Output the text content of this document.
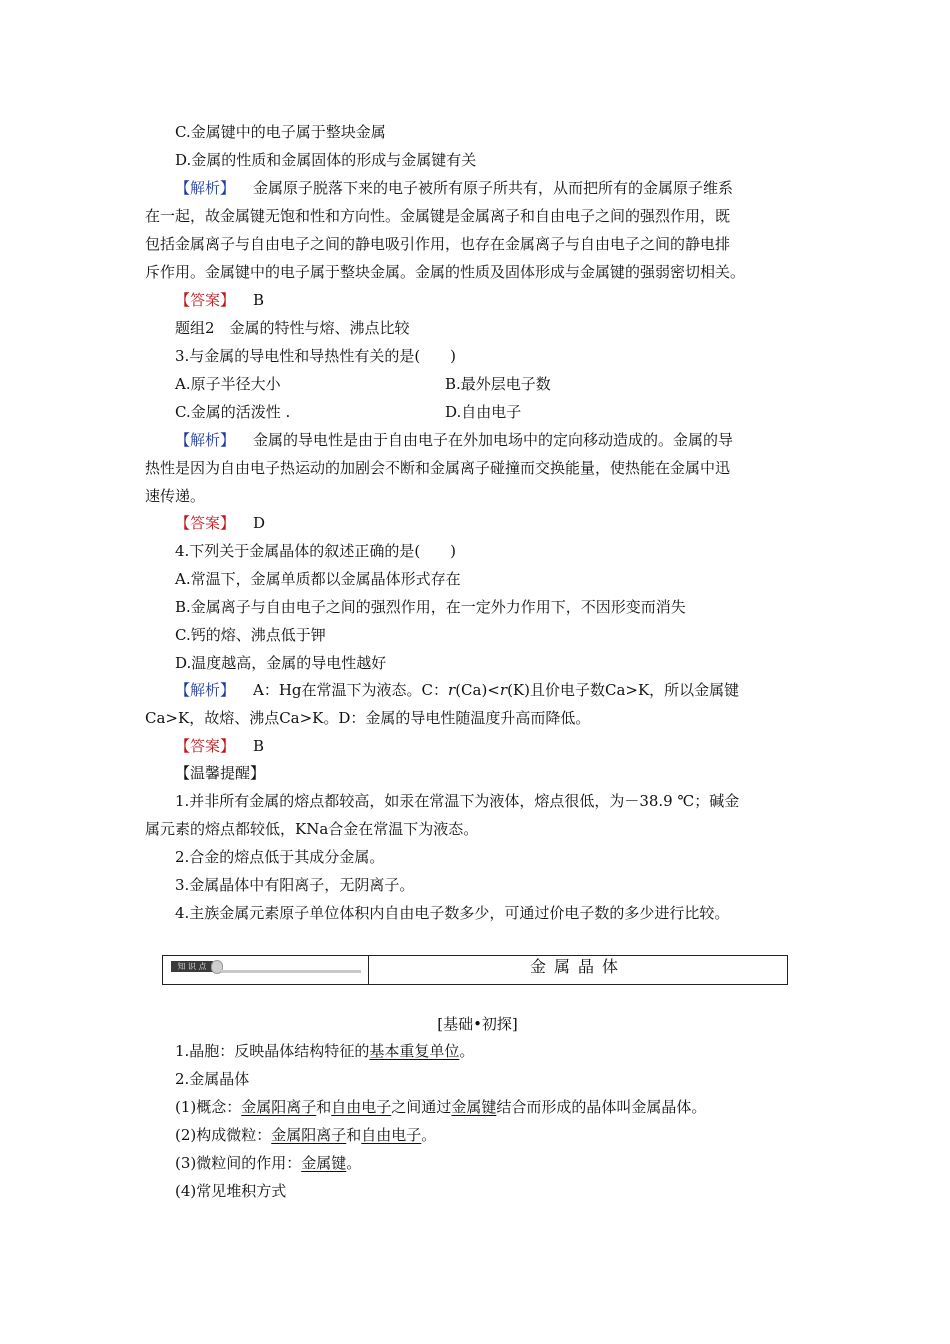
C.金属键中的电子属于整块金属
D.金属的性质和金属固体的形成与金属键有关
【解析】 金属原子脱落下来的电子被所有原子所共有，从而把所有的金属原子维系
在一起，故金属键无饱和性和方向性。金属键是金属离子和自由电子之间的强烈作用，既
包括金属离子与自由电子之间的静电吸引作用，也存在金属离子与自由电子之间的静电排
斥作用。金属键中的电子属于整块金属。金属的性质及固体形成与金属键的强弱密切相关。
【答案】 B
题组2　金属的特性与熔、沸点比较
3.与金属的导电性和导热性有关的是(　　)
A.原子半径大小	B.最外层电子数
C.金属的活泼性 .	D.自由电子
【解析】 金属的导电性是由于自由电子在外加电场中的定向移动造成的。金属的导
热性是因为自由电子热运动的加剧会不断和金属离子碰撞而交换能量，使热能在金属中迅
速传递。
【答案】 D
4.下列关于金属晶体的叙述正确的是(　　)
A.常温下，金属单质都以金属晶体形式存在
B.金属离子与自由电子之间的强烈作用，在一定外力作用下，不因形变而消失
C.钙的熔、沸点低于钾
D.温度越高，金属的导电性越好
【解析】 A：Hg在常温下为液态。C：r(Ca)<r(K)且价电子数Ca>K，所以金属键
Ca>K，故熔、沸点Ca>K。D：金属的导电性随温度升高而降低。
【答案】 B
【温馨提醒】
1.并非所有金属的熔点都较高，如汞在常温下为液体，熔点很低，为－38.9 ℃；碱金
属元素的熔点都较低，KNa合金在常温下为液态。
2.合金的熔点低于其成分金属。
3.金属晶体中有阳离子，无阴离子。
4.主族金属元素原子单位体积内自由电子数多少，可通过价电子数的多少进行比较。
知 识 点	金属晶体
[基础•初探]
1.晶胞：反映晶体结构特征的基本重复单位。
2.金属晶体
(1)概念：金属阳离子和自由电子之间通过金属键结合而形成的晶体叫金属晶体。
(2)构成微粒：金属阳离子和自由电子。
(3)微粒间的作用：金属键。
(4)常见堆积方式
